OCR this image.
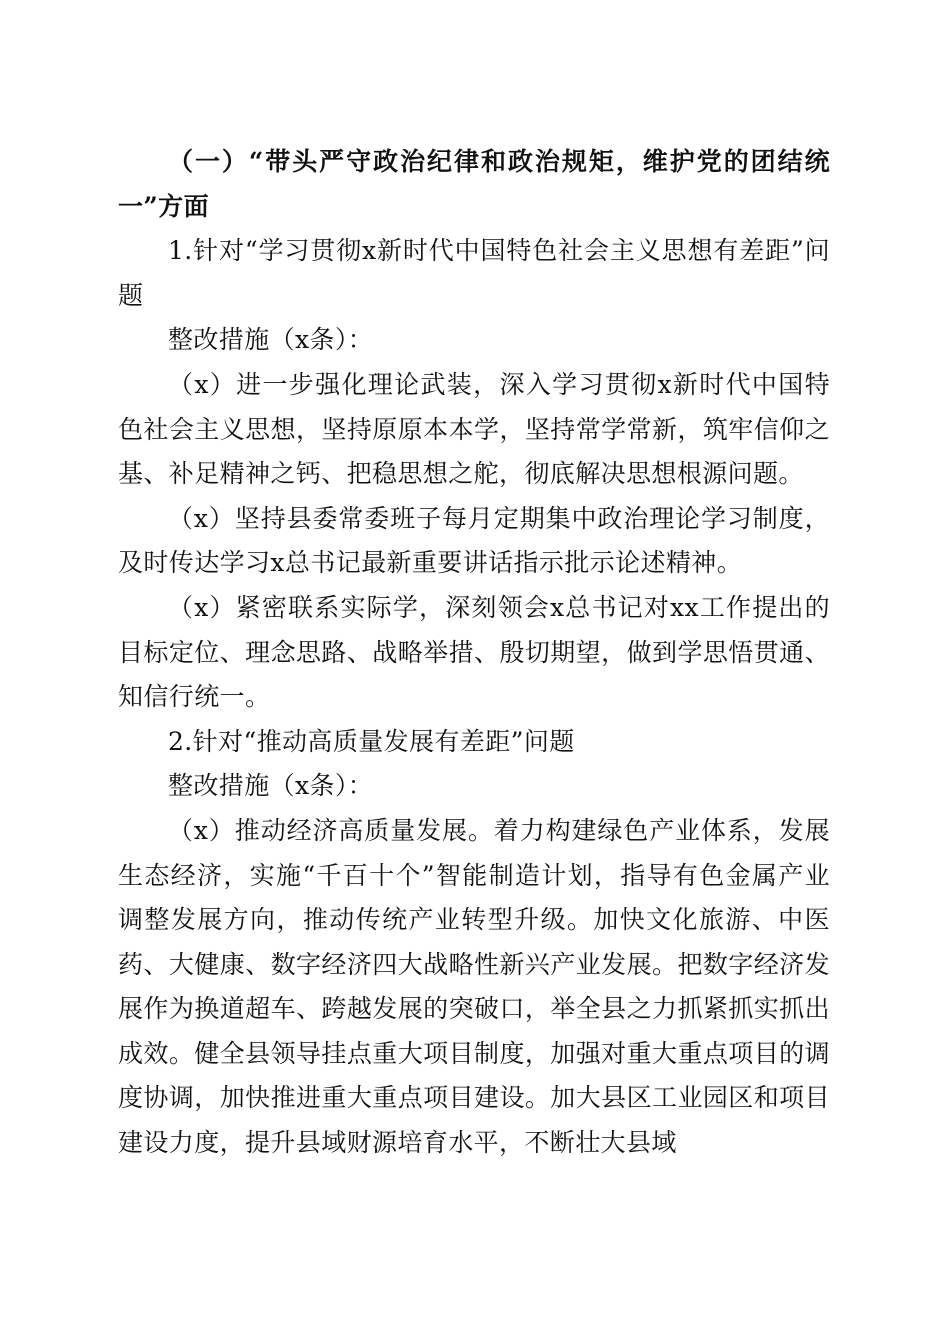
（一）“带头严守政治纪律和政治规矩，维护党的团结统一”方面

1.针对“学习贯彻x新时代中国特色社会主义思想有差距”问题

整改措施（x条）：

（x）进一步强化理论武装，深入学习贯彻x新时代中国特色社会主义思想，坚持原原本本学，坚持常学常新，筑牢信仰之基、补足精神之钙、把稳思想之舵，彻底解决思想根源问题。

（x）坚持县委常委班子每月定期集中政治理论学习制度，及时传达学习x总书记最新重要讲话指示批示论述精神。

（x）紧密联系实际学，深刻领会x总书记对xx工作提出的目标定位、理念思路、战略举措、殷切期望，做到学思悟贯通、知信行统一。

2.针对“推动高质量发展有差距”问题

整改措施（x条）：

（x）推动经济高质量发展。着力构建绿色产业体系，发展生态经济，实施“千百十个”智能制造计划，指导有色金属产业调整发展方向，推动传统产业转型升级。加快文化旅游、中医药、大健康、数字经济四大战略性新兴产业发展。把数字经济发展作为换道超车、跨越发展的突破口，举全县之力抓紧抓实抓出成效。健全县领导挂点重大项目制度，加强对重大重点项目的调度协调，加快推进重大重点项目建设。加大县区工业园区和项目建设力度，提升县域财源培育水平，不断壮大县域
